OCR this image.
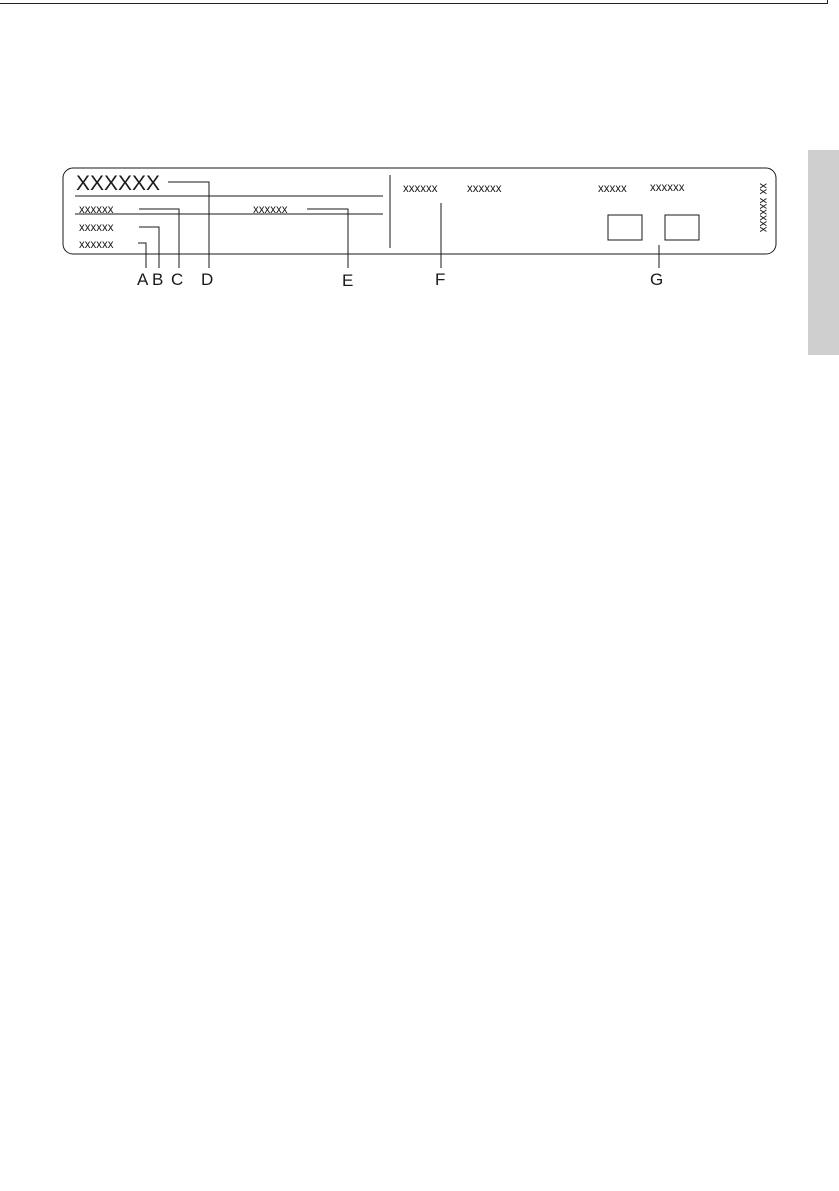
XXXXXX
xxxxxx
xxxxxx
xxxxxx
xxxxxx
xxxxxx	xxxxxx	xxxxx xxxxxx	xx xxxxxx
A B C D	E	F	G
